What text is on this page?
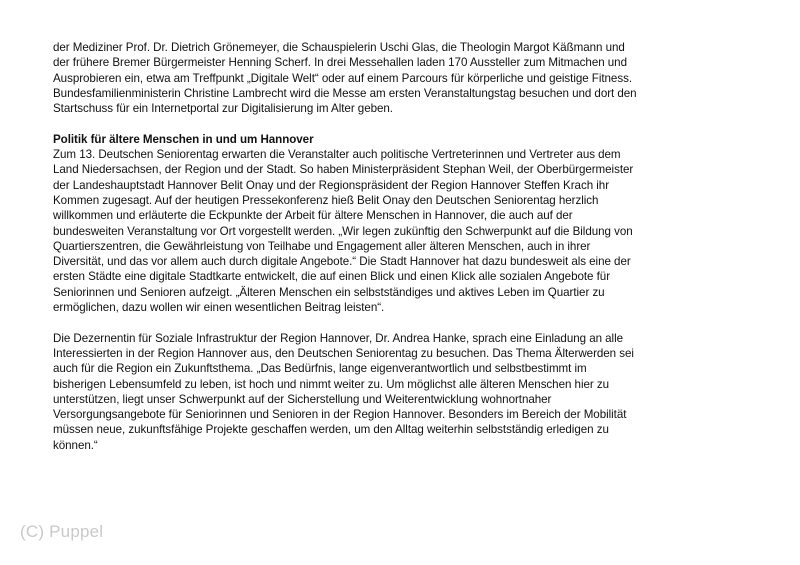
der Mediziner Prof. Dr. Dietrich Grönemeyer, die Schauspielerin Uschi Glas, die Theologin Margot Käßmann und
der frühere Bremer Bürgermeister Henning Scherf. In drei Messehallen laden 170 Aussteller zum Mitmachen und
Ausprobieren ein, etwa am Treffpunkt „Digitale Welt“ oder auf einem Parcours für körperliche und geistige Fitness.
Bundesfamilienministerin Christine Lambrecht wird die Messe am ersten Veranstaltungstag besuchen und dort den
Startschuss für ein Internetportal zur Digitalisierung im Alter geben.
Politik für ältere Menschen in und um Hannover
Zum 13. Deutschen Seniorentag erwarten die Veranstalter auch politische Vertreterinnen und Vertreter aus dem
Land Niedersachsen, der Region und der Stadt. So haben Ministerpräsident Stephan Weil, der Oberbürgermeister
der Landeshauptstadt Hannover Belit Onay und der Regionspräsident der Region Hannover Steffen Krach ihr
Kommen zugesagt. Auf der heutigen Pressekonferenz hieß Belit Onay den Deutschen Seniorentag herzlich
willkommen und erläuterte die Eckpunkte der Arbeit für ältere Menschen in Hannover, die auch auf der
bundesweiten Veranstaltung vor Ort vorgestellt werden. „Wir legen zukünftig den Schwerpunkt auf die Bildung von
Quartierszentren, die Gewährleistung von Teilhabe und Engagement aller älteren Menschen, auch in ihrer
Diversität, und das vor allem auch durch digitale Angebote.“ Die Stadt Hannover hat dazu bundesweit als eine der
ersten Städte eine digitale Stadtkarte entwickelt, die auf einen Blick und einen Klick alle sozialen Angebote für
Seniorinnen und Senioren aufzeigt. „Älteren Menschen ein selbstständiges und aktives Leben im Quartier zu
ermöglichen, dazu wollen wir einen wesentlichen Beitrag leisten“.
Die Dezernentin für Soziale Infrastruktur der Region Hannover, Dr. Andrea Hanke, sprach eine Einladung an alle
Interessierten in der Region Hannover aus, den Deutschen Seniorentag zu besuchen. Das Thema Älterwerden sei
auch für die Region ein Zukunftsthema. „Das Bedürfnis, lange eigenverantwortlich und selbstbestimmt im
bisherigen Lebensumfeld zu leben, ist hoch und nimmt weiter zu. Um möglichst alle älteren Menschen hier zu
unterstützen, liegt unser Schwerpunkt auf der Sicherstellung und Weiterentwicklung wohnortnaher
Versorgungsangebote für Seniorinnen und Senioren in der Region Hannover. Besonders im Bereich der Mobilität
müssen neue, zukunftsfähige Projekte geschaffen werden, um den Alltag weiterhin selbstständig erledigen zu
können.“
(C) Puppel
